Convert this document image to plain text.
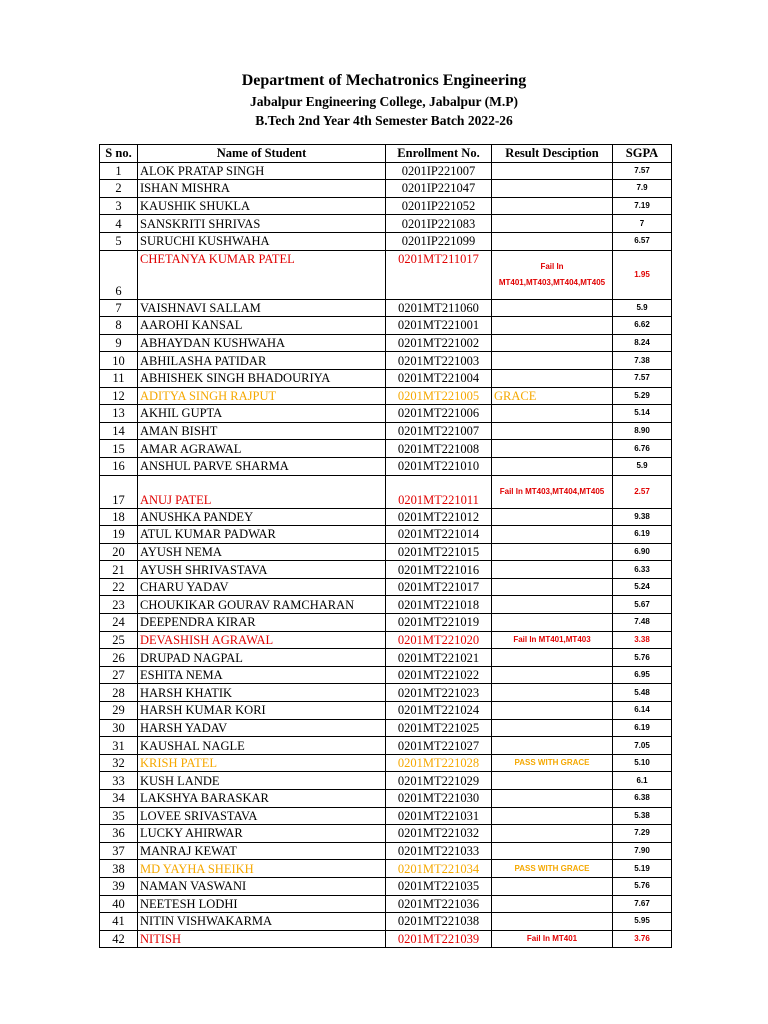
Department of Mechatronics Engineering
Jabalpur Engineering College, Jabalpur (M.P)
B.Tech 2nd Year 4th Semester Batch 2022-26
S no.	Name of Student	Enrollment No.	Result Desciption	SGPA
1	ALOK PRATAP SINGH	0201IP221007		7.57
2	ISHAN MISHRA	0201IP221047		7.9
3	KAUSHIK SHUKLA	0201IP221052		7.19
4	SANSKRITI SHRIVAS	0201IP221083		7
5	SURUCHI KUSHWAHA	0201IP221099		6.57
6	CHETANYA KUMAR PATEL	0201MT211017	Fail In MT401,MT403,MT404,MT405	1.95
7	VAISHNAVI SALLAM	0201MT211060		5.9
8	AAROHI KANSAL	0201MT221001		6.62
9	ABHAYDAN KUSHWAHA	0201MT221002		8.24
10	ABHILASHA PATIDAR	0201MT221003		7.38
11	ABHISHEK SINGH BHADOURIYA	0201MT221004		7.57
12	ADITYA SINGH RAJPUT	0201MT221005	GRACE	5.29
13	AKHIL GUPTA	0201MT221006		5.14
14	AMAN BISHT	0201MT221007		8.90
15	AMAR AGRAWAL	0201MT221008		6.76
16	ANSHUL PARVE SHARMA	0201MT221010		5.9
17	ANUJ PATEL	0201MT221011	Fail In MT403,MT404,MT405	2.57
18	ANUSHKA PANDEY	0201MT221012		9.38
19	ATUL KUMAR PADWAR	0201MT221014		6.19
20	AYUSH NEMA	0201MT221015		6.90
21	AYUSH SHRIVASTAVA	0201MT221016		6.33
22	CHARU YADAV	0201MT221017		5.24
23	CHOUKIKAR GOURAV RAMCHARAN	0201MT221018		5.67
24	DEEPENDRA KIRAR	0201MT221019		7.48
25	DEVASHISH AGRAWAL	0201MT221020	Fail In MT401,MT403	3.38
26	DRUPAD NAGPAL	0201MT221021		5.76
27	ESHITA NEMA	0201MT221022		6.95
28	HARSH KHATIK	0201MT221023		5.48
29	HARSH KUMAR KORI	0201MT221024		6.14
30	HARSH YADAV	0201MT221025		6.19
31	KAUSHAL NAGLE	0201MT221027		7.05
32	KRISH PATEL	0201MT221028	PASS WITH GRACE	5.10
33	KUSH LANDE	0201MT221029		6.1
34	LAKSHYA BARASKAR	0201MT221030		6.38
35	LOVEE SRIVASTAVA	0201MT221031		5.38
36	LUCKY AHIRWAR	0201MT221032		7.29
37	MANRAJ KEWAT	0201MT221033		7.90
38	MD YAYHA SHEIKH	0201MT221034	PASS WITH GRACE	5.19
39	NAMAN VASWANI	0201MT221035		5.76
40	NEETESH LODHI	0201MT221036		7.67
41	NITIN VISHWAKARMA	0201MT221038		5.95
42	NITISH	0201MT221039	Fail In MT401	3.76
